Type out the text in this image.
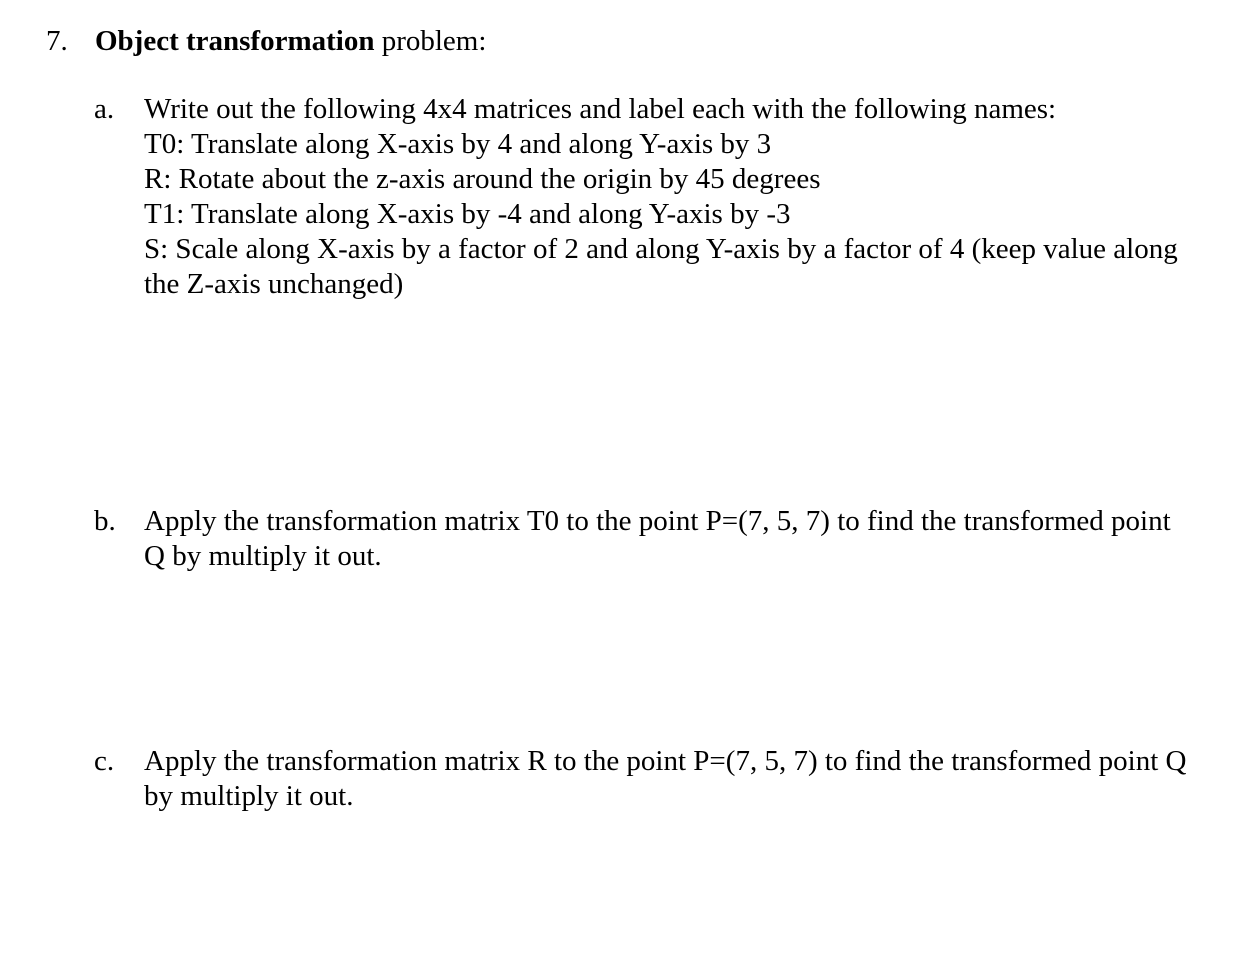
7. Object transformation problem:
a. Write out the following 4x4 matrices and label each with the following names:
T0: Translate along X-axis by 4 and along Y-axis by 3
R: Rotate about the z-axis around the origin by 45 degrees
T1: Translate along X-axis by -4 and along Y-axis by -3
S: Scale along X-axis by a factor of 2 and along Y-axis by a factor of 4 (keep value along
the Z-axis unchanged)
b. Apply the transformation matrix T0 to the point P=(7, 5, 7) to find the transformed point
Q by multiply it out.
c. Apply the transformation matrix R to the point P=(7, 5, 7) to find the transformed point Q
by multiply it out.
